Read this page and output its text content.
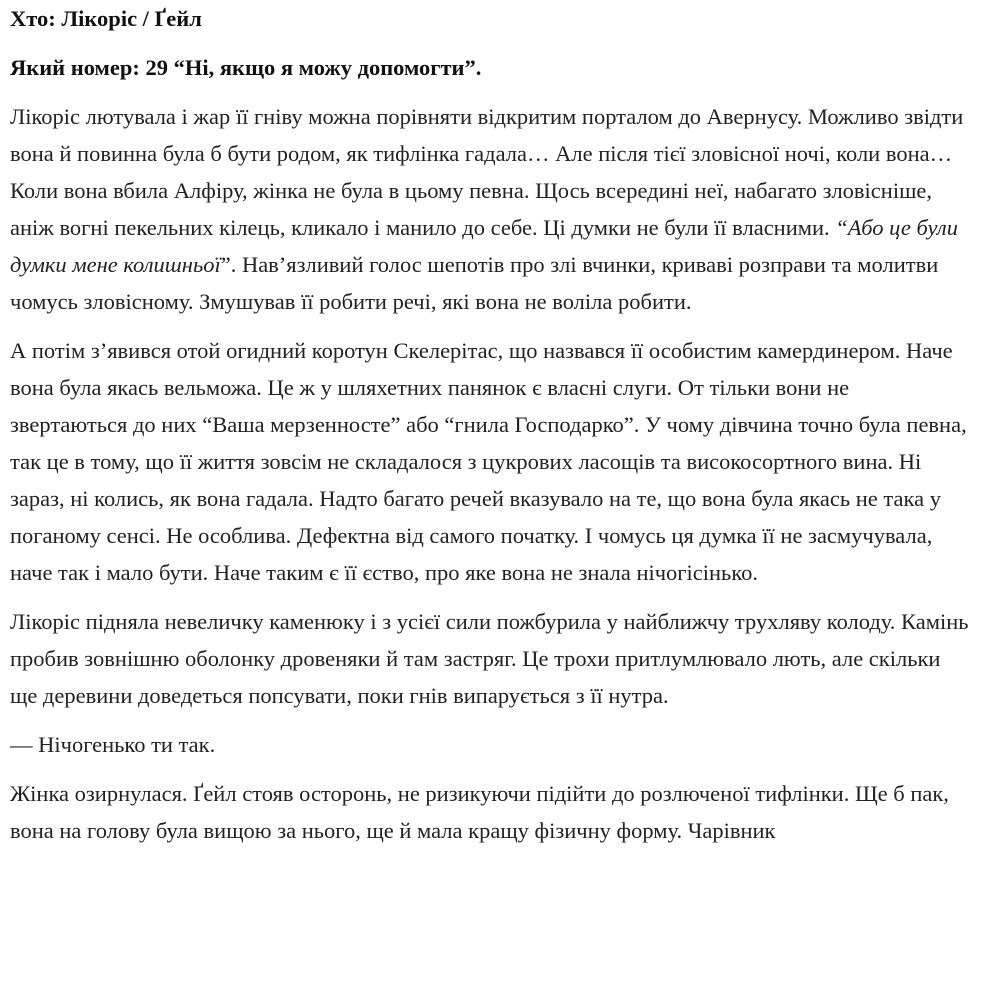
Хто: Лікоріс / Ґейл

Який номер: 29 “Ні, якщо я можу допомогти”.

Лікоріс лютувала і жар її гніву можна порівняти відкритим порталом до Авернусу. Можливо звідти вона й повинна була б бути родом, як тифлінка гадала… Але після тієї зловісної ночі, коли вона… Коли вона вбила Алфіру, жінка не була в цьому певна. Щось всередині неї, набагато зловісніше, аніж вогні пекельних кілець, кликало і манило до себе. Ці думки не були її власними. “Або це були думки мене колишньої”. Нав’язливий голос шепотів про злі вчинки, криваві розправи та молитви чомусь зловісному. Змушував її робити речі, які вона не воліла робити.

А потім з’явився отой огидний коротун Скелерітас, що назвався її особистим камердинером. Наче вона була якась вельможа. Це ж у шляхетних панянок є власні слуги. От тільки вони не звертаються до них “Ваша мерзенносте” або “гнила Господарко”. У чому дівчина точно була певна, так це в тому, що її життя зовсім не складалося з цукрових ласощів та високосортного вина. Ні зараз, ні колись, як вона гадала. Надто багато речей вказувало на те, що вона була якась не така у поганому сенсі. Не особлива. Дефектна від самого початку. І чомусь ця думка її не засмучувала, наче так і мало бути. Наче таким є її єство, про яке вона не знала нічогісінько.

Лікоріс підняла невеличку каменюку і з усієї сили пожбурила у найближчу трухляву колоду. Камінь пробив зовнішню оболонку дровеняки й там застряг. Це трохи притлумлювало лють, але скільки ще деревини доведеться попсувати, поки гнів випарується з її нутра.

— Нічогенько ти так.

Жінка озирнулася. Ґейл стояв осторонь, не ризикуючи підійти до розлюченої тифлінки. Ще б пак, вона на голову була вищою за нього, ще й мала кращу фізичну форму. Чарівник
